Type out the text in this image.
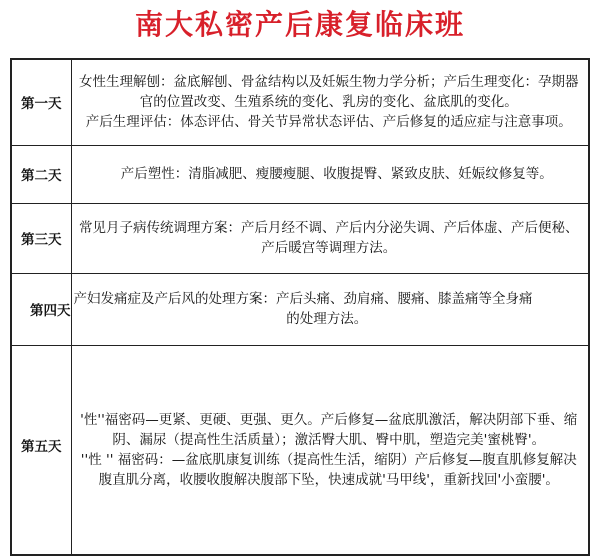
南大私密产后康复临床班
第一天	女性生理解刨：盆底解刨、骨盆结构以及妊娠生物力学分析；产后生理变化：孕期器官的位置改变、生殖系统的变化、乳房的变化、盆底肌的变化。
产后生理评估：体态评估、骨关节异常状态评估、产后修复的适应症与注意事项。

第二天	产后塑性：清脂减肥、瘦腰瘦腿、收腹提臀、紧致皮肤、妊娠纹修复等。

第三天	常见月子病传统调理方案：产后月经不调、产后内分泌失调、产后体虚、产后便秘、产后暖宫等调理方法。

第四天	产妇发痛症及产后风的处理方案：产后头痛、劲肩痛、腰痛、膝盖痛等全身痛
的处理方法。

第五天	'性''福密码—更紧、更硬、更强、更久。产后修复—盆底肌激活，解决阴部下垂、缩阴、漏尿（提高性生活质量）；激活臀大肌、臀中肌，塑造完美'蜜桃臀'。
''性 '' 福密码：—盆底肌康复训练（提高性生活，缩阴）产后修复—腹直肌修复解决腹直肌分离，收腰收腹解决腹部下坠，快速成就'马甲线'，重新找回'小蛮腰'。
